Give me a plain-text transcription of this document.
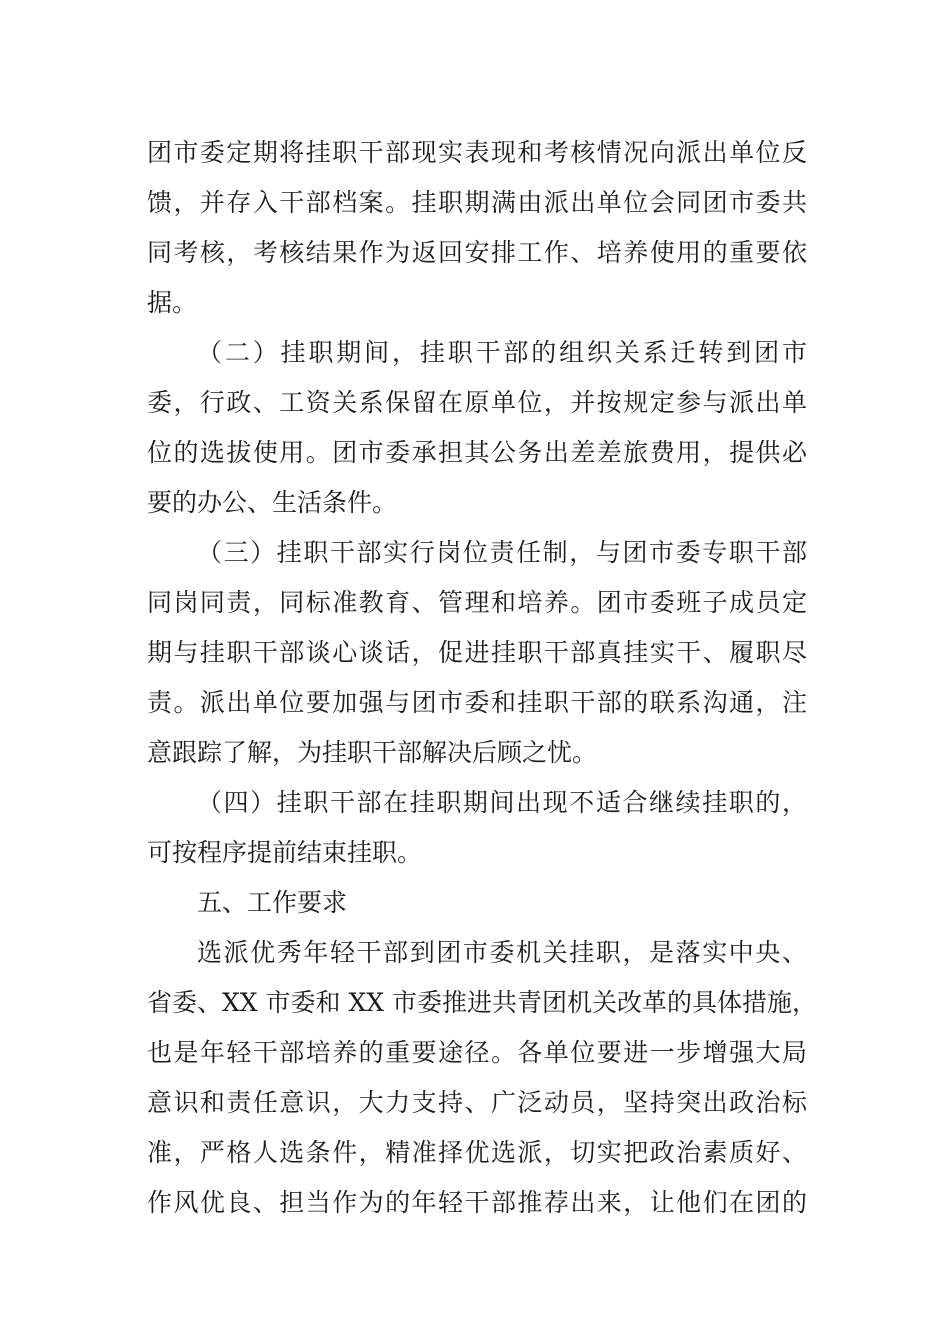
团市委定期将挂职干部现实表现和考核情况向派出单位反
馈，并存入干部档案。挂职期满由派出单位会同团市委共
同考核，考核结果作为返回安排工作、培养使用的重要依
据。
（二）挂职期间，挂职干部的组织关系迁转到团市
委，行政、工资关系保留在原单位，并按规定参与派出单
位的选拔使用。团市委承担其公务出差差旅费用，提供必
要的办公、生活条件。
（三）挂职干部实行岗位责任制，与团市委专职干部
同岗同责，同标准教育、管理和培养。团市委班子成员定
期与挂职干部谈心谈话，促进挂职干部真挂实干、履职尽
责。派出单位要加强与团市委和挂职干部的联系沟通，注
意跟踪了解，为挂职干部解决后顾之忧。
（四）挂职干部在挂职期间出现不适合继续挂职的，
可按程序提前结束挂职。
五、工作要求
选派优秀年轻干部到团市委机关挂职，是落实中央、
省委、XX 市委和 XX 市委推进共青团机关改革的具体措施，
也是年轻干部培养的重要途径。各单位要进一步增强大局
意识和责任意识，大力支持、广泛动员，坚持突出政治标
准，严格人选条件，精准择优选派，切实把政治素质好、
作风优良、担当作为的年轻干部推荐出来，让他们在团的
